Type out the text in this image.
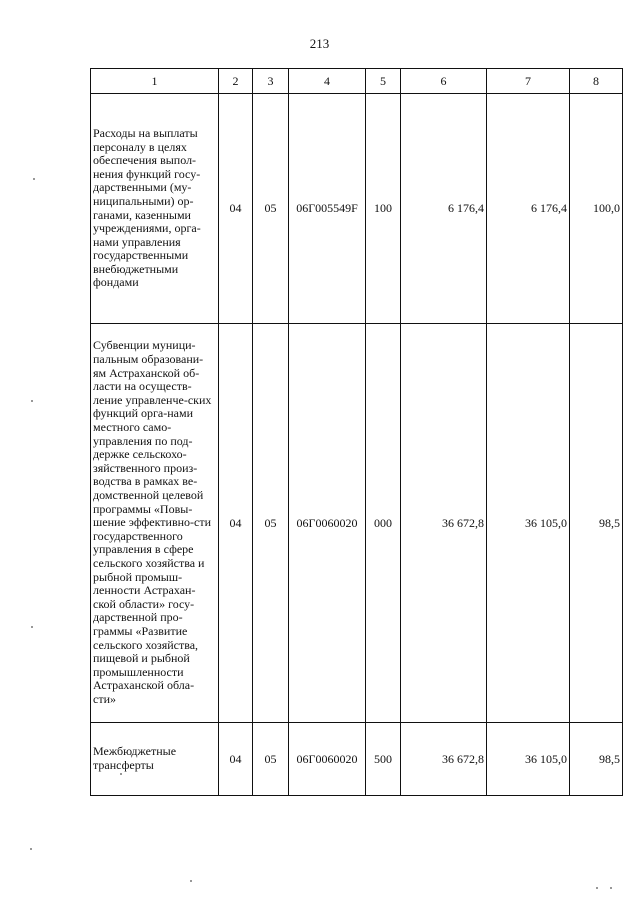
213
1	2	3	4	5	6	7	8
Расходы на выплаты персоналу в целях обеспечения выпол-нения функций госу-дарственными (му-ниципальными) ор-ганами, казенными учреждениями, орга-нами управления государственными внебюджетными фондами	04	05	06Г005549F	100	6 176,4	6 176,4	100,0
Субвенции муници-пальным образовани-ям Астраханской об-ласти на осуществ-ление управленче-ских функций орга-нами местного само-управления по под-держке сельскохо-зяйственного произ-водства в рамках ве-домственной целевой программы «Повы-шение эффективно-сти государственного управления в сфере сельского хозяйства и рыбной промыш-ленности Астрахан-ской области» госу-дарственной про-граммы «Развитие сельского хозяйства, пищевой и рыбной промышленности Астраханской обла-сти»	04	05	06Г0060020	000	36 672,8	36 105,0	98,5
Межбюджетные трансферты	04	05	06Г0060020	500	36 672,8	36 105,0	98,5
